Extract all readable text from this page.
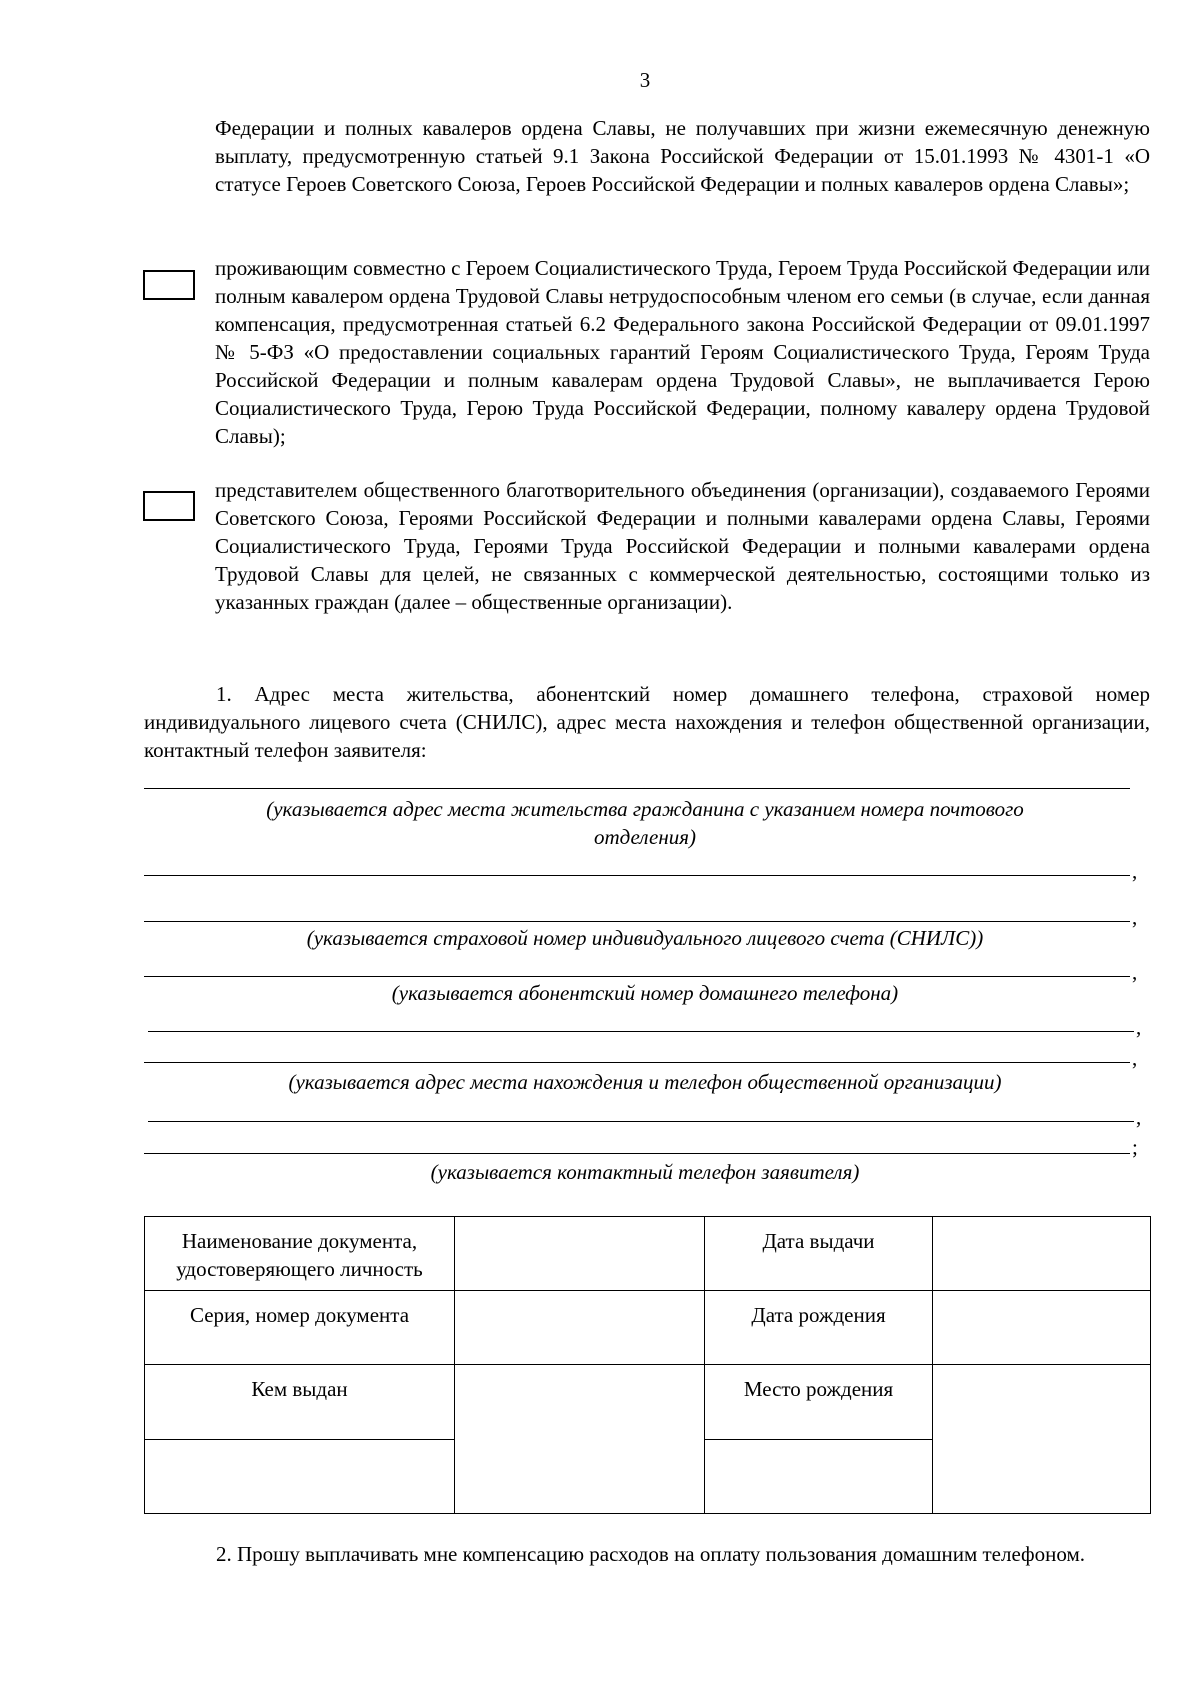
3

Федерации и полных кавалеров ордена Славы, не получавших при жизни ежемесячную денежную выплату, предусмотренную статьей 9.1 Закона Российской Федерации от 15.01.1993 № 4301-1 «О статусе Героев Советского Союза, Героев Российской Федерации и полных кавалеров ордена Славы»;

проживающим совместно с Героем Социалистического Труда, Героем Труда Российской Федерации или полным кавалером ордена Трудовой Славы нетрудоспособным членом его семьи (в случае, если данная компенсация, предусмотренная статьей 6.2 Федерального закона Российской Федерации от 09.01.1997 № 5-ФЗ «О предоставлении социальных гарантий Героям Социалистического Труда, Героям Труда Российской Федерации и полным кавалерам ордена Трудовой Славы», не выплачивается Герою Социалистического Труда, Герою Труда Российской Федерации, полному кавалеру ордена Трудовой Славы);

представителем общественного благотворительного объединения (организации), создаваемого Героями Советского Союза, Героями Российской Федерации и полными кавалерами ордена Славы, Героями Социалистического Труда, Героями Труда Российской Федерации и полными кавалерами ордена Трудовой Славы для целей, не связанных с коммерческой деятельностью, состоящими только из указанных граждан (далее – общественные организации).

1. Адрес места жительства, абонентский номер домашнего телефона, страховой номер индивидуального лицевого счета (СНИЛС), адрес места нахождения и телефон общественной организации, контактный телефон заявителя:

(указывается адрес места жительства гражданина с указанием номера почтового отделения)
,
,
(указывается страховой номер индивидуального лицевого счета (СНИЛС))
,
(указывается абонентский номер домашнего телефона)
,
,
(указывается адрес места нахождения и телефон общественной организации)
,
;
(указывается контактный телефон заявителя)
Наименование документа, удостоверяющего личность		Дата выдачи	
Серия, номер документа		Дата рождения	
Кем выдан		Место рождения	

2. Прошу выплачивать мне компенсацию расходов на оплату пользования домашним телефоном.
